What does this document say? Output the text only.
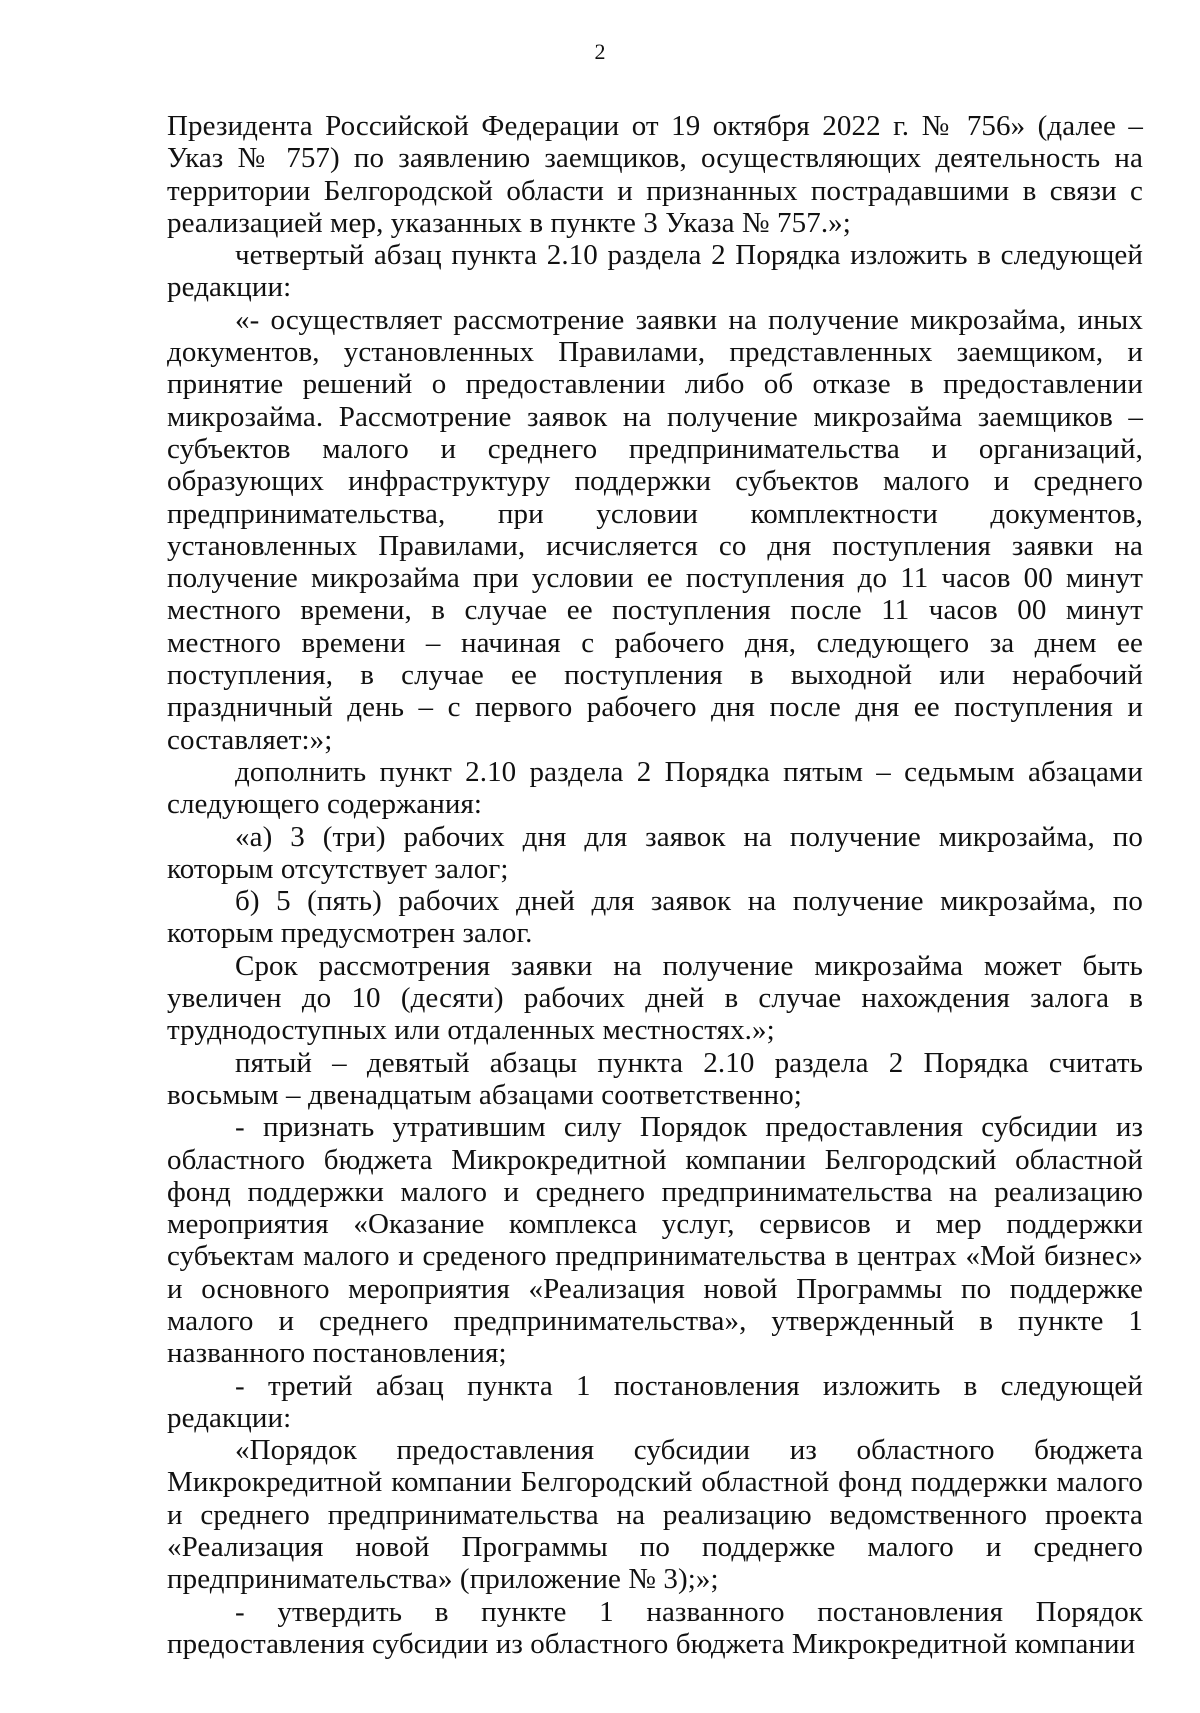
2

Президента Российской Федерации от 19 октября 2022 г. № 756» (далее – Указ № 757) по заявлению заемщиков, осуществляющих деятельность на территории Белгородской области и признанных пострадавшими в связи с реализацией мер, указанных в пункте 3 Указа № 757.»;

четвертый абзац пункта 2.10 раздела 2 Порядка изложить в следующей редакции:

«- осуществляет рассмотрение заявки на получение микрозайма, иных документов, установленных Правилами, представленных заемщиком, и принятие решений о предоставлении либо об отказе в предоставлении микрозайма. Рассмотрение заявок на получение микрозайма заемщиков – субъектов малого и среднего предпринимательства и организаций, образующих инфраструктуру поддержки субъектов малого и среднего предпринимательства, при условии комплектности документов, установленных Правилами, исчисляется со дня поступления заявки на получение микрозайма при условии ее поступления до 11 часов 00 минут местного времени, в случае ее поступления после 11 часов 00 минут местного времени – начиная с рабочего дня, следующего за днем ее поступления, в случае ее поступления в выходной или нерабочий праздничный день – с первого рабочего дня после дня ее поступления и составляет:»;

дополнить пункт 2.10 раздела 2 Порядка пятым – седьмым абзацами следующего содержания:

«а) 3 (три) рабочих дня для заявок на получение микрозайма, по которым отсутствует залог;

б) 5 (пять) рабочих дней для заявок на получение микрозайма, по которым предусмотрен залог.

Срок рассмотрения заявки на получение микрозайма может быть увеличен до 10 (десяти) рабочих дней в случае нахождения залога в труднодоступных или отдаленных местностях.»;

пятый – девятый абзацы пункта 2.10 раздела 2 Порядка считать восьмым – двенадцатым абзацами соответственно;

- признать утратившим силу Порядок предоставления субсидии из областного бюджета Микрокредитной компании Белгородский областной фонд поддержки малого и среднего предпринимательства на реализацию мероприятия «Оказание комплекса услуг, сервисов и мер поддержки субъектам малого и среденого предпринимательства в центрах «Мой бизнес» и основного мероприятия «Реализация новой Программы по поддержке малого и среднего предпринимательства», утвержденный в пункте 1 названного постановления;

- третий абзац пункта 1 постановления изложить в следующей редакции:

«Порядок предоставления субсидии из областного бюджета Микрокредитной компании Белгородский областной фонд поддержки малого и среднего предпринимательства на реализацию ведомственного проекта «Реализация новой Программы по поддержке малого и среднего предпринимательства» (приложение № 3);»;

- утвердить в пункте 1 названного постановления Порядок предоставления субсидии из областного бюджета Микрокредитной компании
